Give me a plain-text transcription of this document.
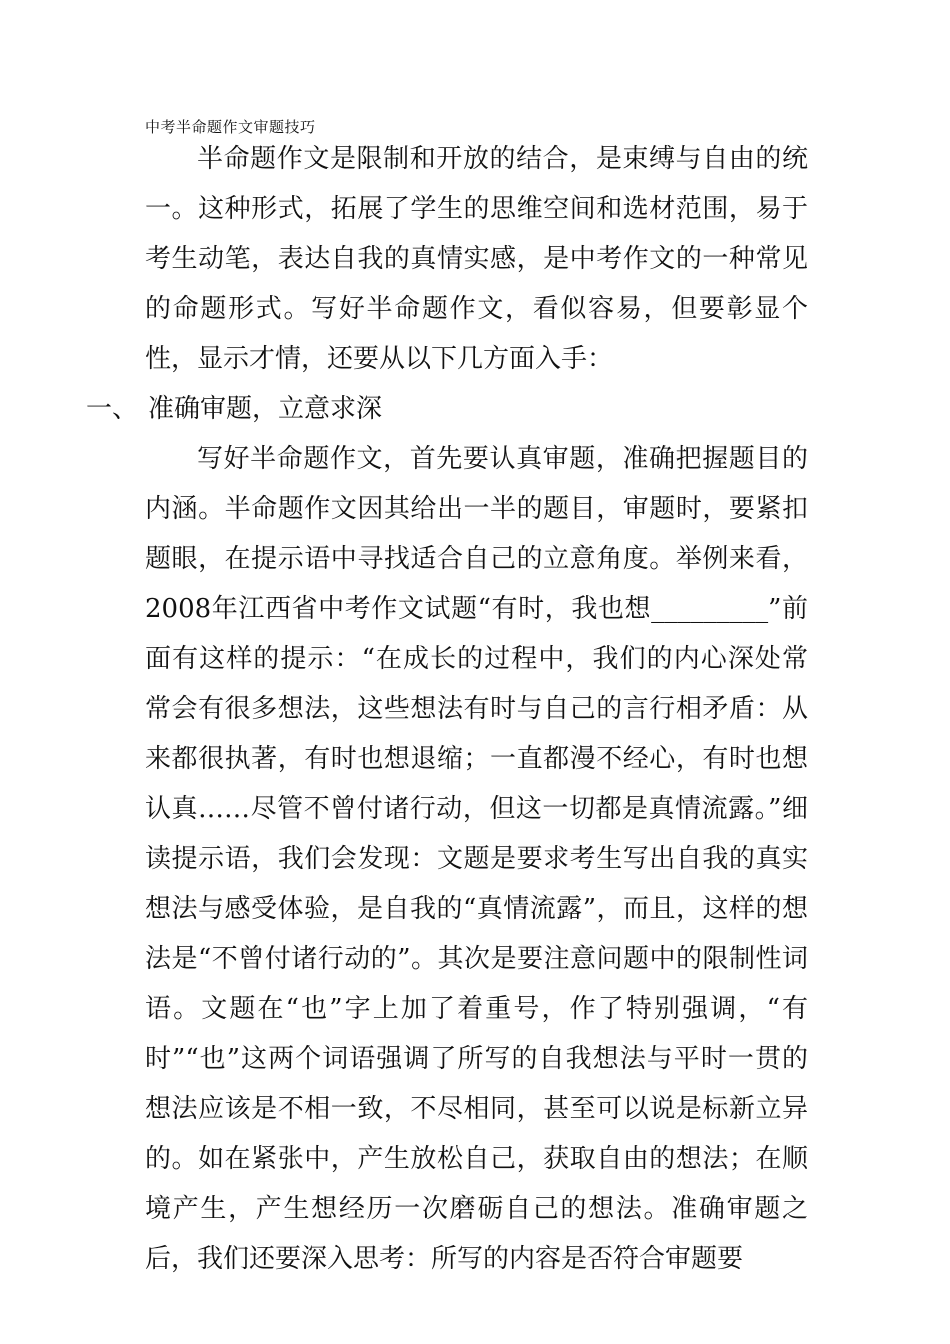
中考半命题作文审题技巧

半命题作文是限制和开放的结合，是束缚与自由的统一。这种形式，拓展了学生的思维空间和选材范围，易于考生动笔，表达自我的真情实感，是中考作文的一种常见的命题形式。写好半命题作文，看似容易，但要彰显个性，显示才情，还要从以下几方面入手：

一、 准确审题，立意求深

写好半命题作文，首先要认真审题，准确把握题目的内涵。半命题作文因其给出一半的题目，审题时，要紧扣题眼，在提示语中寻找适合自己的立意角度。举例来看，2008年江西省中考作文试题“有时，我也想_________”前面有这样的提示：“在成长的过程中，我们的内心深处常常会有很多想法，这些想法有时与自己的言行相矛盾：从来都很执著，有时也想退缩；一直都漫不经心，有时也想认真……尽管不曾付诸行动，但这一切都是真情流露。”细读提示语，我们会发现：文题是要求考生写出自我的真实想法与感受体验，是自我的“真情流露”，而且，这样的想法是“不曾付诸行动的”。其次是要注意问题中的限制性词语。文题在“也”字上加了着重号，作了特别强调，“有时”“也”这两个词语强调了所写的自我想法与平时一贯的想法应该是不相一致，不尽相同，甚至可以说是标新立异的。如在紧张中，产生放松自己，获取自由的想法；在顺境产生，产生想经历一次磨砺自己的想法。准确审题之后，我们还要深入思考：所写的内容是否符合审题要
